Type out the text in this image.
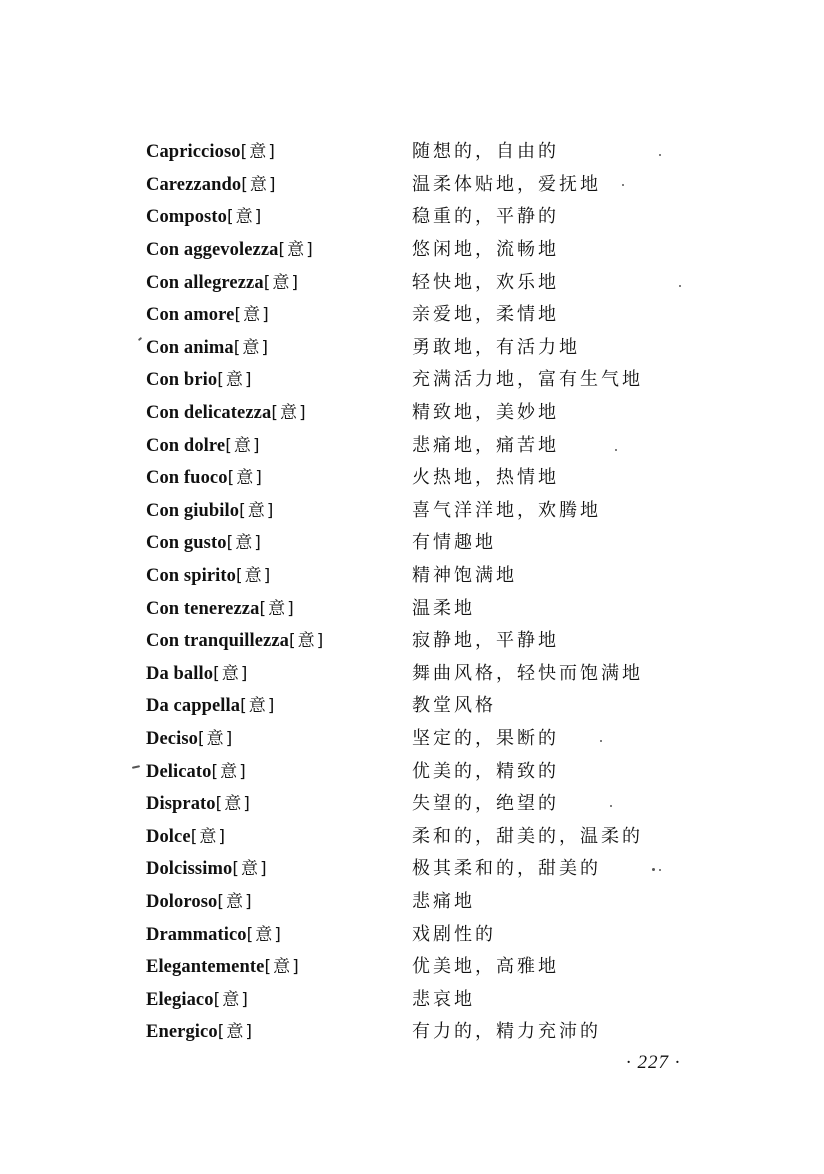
Capriccioso[意]	随想的，自由的
Carezzando[意]	温柔体贴地，爱抚地
Composto[意]	稳重的，平静的
Con aggevolezza[意]	悠闲地，流畅地
Con allegrezza[意]	轻快地，欢乐地
Con amore[意]	亲爱地，柔情地
Con anima[意]	勇敢地，有活力地
Con brio[意]	充满活力地，富有生气地
Con delicatezza[意]	精致地，美妙地
Con dolre[意]	悲痛地，痛苦地
Con fuoco[意]	火热地，热情地
Con giubilo[意]	喜气洋洋地，欢腾地
Con gusto[意]	有情趣地
Con spirito[意]	精神饱满地
Con tenerezza[意]	温柔地
Con tranquillezza[意]	寂静地，平静地
Da ballo[意]	舞曲风格，轻快而饱满地
Da cappella[意]	教堂风格
Deciso[意]	坚定的，果断的
Delicato[意]	优美的，精致的
Disprato[意]	失望的，绝望的
Dolce[意]	柔和的，甜美的，温柔的
Dolcissimo[意]	极其柔和的，甜美的
Doloroso[意]	悲痛地
Drammatico[意]	戏剧性的
Elegantemente[意]	优美地，高雅地
Elegiaco[意]	悲哀地
Energico[意]	有力的，精力充沛的
· 227 ·
